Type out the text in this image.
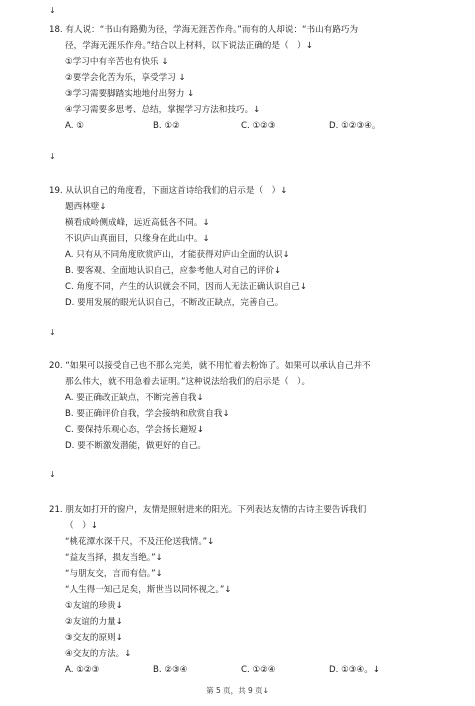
↓
18. 有人说：“书山有路勤为径，学海无涯苦作舟。”而有的人却说：“书山有路巧为
径，学海无涯乐作舟。”结合以上材料，以下说法正确的是（　）↓
①学习中有辛苦也有快乐 ↓
②要学会化苦为乐，享受学习 ↓
③学习需要脚踏实地地付出努力 ↓
④学习需要多思考、总结，掌握学习方法和技巧。↓
A. ①	B. ①②	C. ①②③	D. ①②③④。
↓
19. 从认识自己的角度看，下面这首诗给我们的启示是（　）↓
题西林壁↓
横看成岭侧成峰，远近高低各不同。↓
不识庐山真面目，只缘身在此山中。↓
A. 只有从不同角度欣赏庐山，才能获得对庐山全面的认识↓
B. 要客观、全面地认识自己，应参考他人对自己的评价↓
C. 角度不同，产生的认识就会不同，因而人无法正确认识自己↓
D. 要用发展的眼光认识自己，不断改正缺点，完善自己。
↓
20. “如果可以接受自己也不那么完美，就不用忙着去粉饰了。如果可以承认自己并不
那么伟大，就不用急着去证明。”这种说法给我们的启示是（　）。
A. 要正确改正缺点，不断完善自我↓
B. 要正确评价自我，学会接纳和欣赏自我↓
C. 要保持乐观心态，学会扬长避短↓
D. 要不断激发潜能，做更好的自己。
↓
21. 朋友如打开的窗户，友情是照射进来的阳光。下列表达友情的古诗主要告诉我们
（　）↓
“桃花潭水深千尺，不及汪伦送我情。”↓
“益友当择，损友当绝。”↓
“与朋友交，言而有信。”↓
“人生得一知己足矣，斯世当以同怀视之。”↓
①友谊的珍贵↓
②友谊的力量↓
③交友的原则↓
④交友的方法。↓
A. ①②③	B. ②③④	C. ①②④	D. ①③④。↓
第 5 页，共 9 页↓
